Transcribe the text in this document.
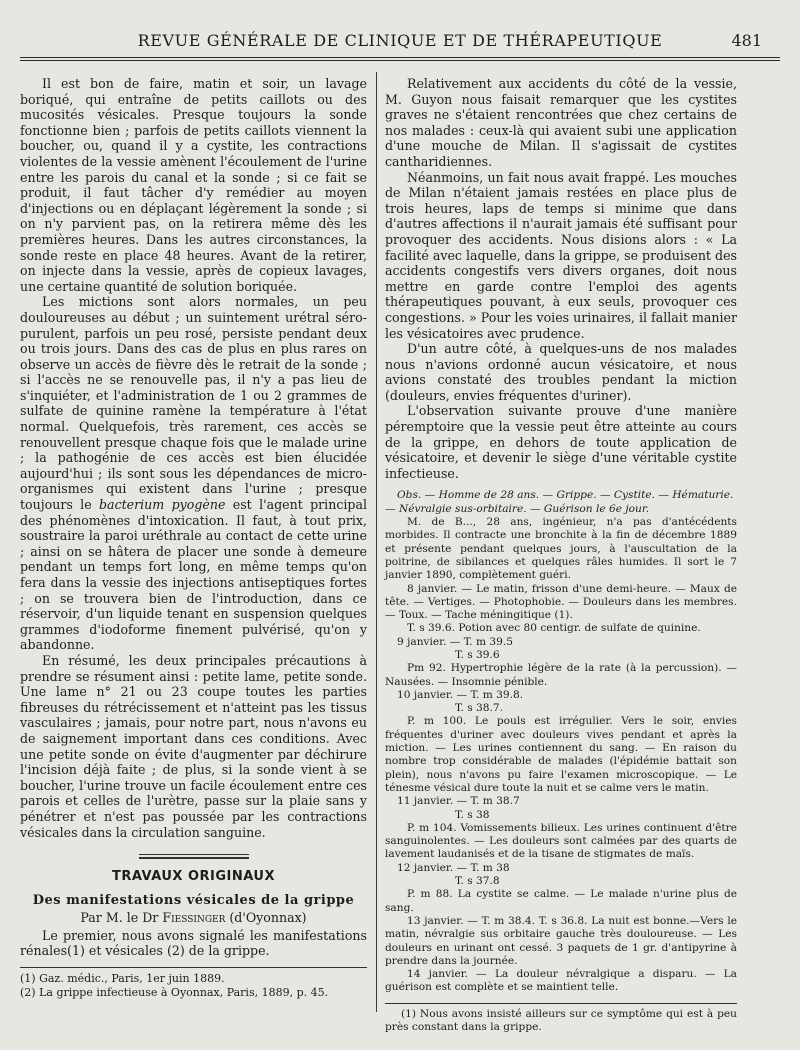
REVUE GÉNÉRALE DE CLINIQUE ET DE THÉRAPEUTIQUE	481

Il est bon de faire, matin et soir, un lavage boriqué, qui entraîne de petits caillots ou des mucosités vésicales. Presque toujours la sonde fonctionne bien ; parfois de petits caillots viennent la boucher, ou, quand il y a cystite, les contractions violentes de la vessie amènent l'écoulement de l'urine entre les parois du canal et la sonde ; si ce fait se produit, il faut tâcher d'y remédier au moyen d'injections ou en déplaçant légèrement la sonde ; si on n'y parvient pas, on la retirera même dès les premières heures. Dans les autres circonstances, la sonde reste en place 48 heures. Avant de la retirer, on injecte dans la vessie, après de copieux lavages, une certaine quantité de solution boriquée.

Les mictions sont alors normales, un peu douloureuses au début ; un suintement urétral séro-purulent, parfois un peu rosé, persiste pendant deux ou trois jours. Dans des cas de plus en plus rares on observe un accès de fièvre dès le retrait de la sonde ; si l'accès ne se renouvelle pas, il n'y a pas lieu de s'inquiéter, et l'administration de 1 ou 2 grammes de sulfate de quinine ramène la température à l'état normal. Quelquefois, très rarement, ces accès se renouvellent presque chaque fois que le malade urine ; la pathogénie de ces accès est bien élucidée aujourd'hui ; ils sont sous les dépendances de micro-organismes qui existent dans l'urine ; presque toujours le bacterium pyogène est l'agent principal des phénomènes d'intoxication. Il faut, à tout prix, soustraire la paroi uréthrale au contact de cette urine ; ainsi on se hâtera de placer une sonde à demeure pendant un temps fort long, en même temps qu'on fera dans la vessie des injections antiseptiques fortes ; on se trouvera bien de l'introduction, dans ce réservoir, d'un liquide tenant en suspension quelques grammes d'iodoforme finement pulvérisé, qu'on y abandonne.

En résumé, les deux principales précautions à prendre se résument ainsi : petite lame, petite sonde. Une lame n° 21 ou 23 coupe toutes les parties fibreuses du rétrécissement et n'atteint pas les tissus vasculaires ; jamais, pour notre part, nous n'avons eu de saignement important dans ces conditions. Avec une petite sonde on évite d'augmenter par déchirure l'incision déjà faite ; de plus, si la sonde vient à se boucher, l'urine trouve un facile écoulement entre ces parois et celles de l'urètre, passe sur la plaie sans y pénétrer et n'est pas poussée par les contractions vésicales dans la circulation sanguine.

TRAVAUX ORIGINAUX
Des manifestations vésicales de la grippe
Par M. le Dr Fiessinger (d'Oyonnax)

Le premier, nous avons signalé les manifestations rénales(1) et vésicales (2) de la grippe.

(1) Gaz. médic., Paris, 1er juin 1889.
(2) La grippe infectieuse à Oyonnax, Paris, 1889, p. 45.

Relativement aux accidents du côté de la vessie, M. Guyon nous faisait remarquer que les cystites graves ne s'étaient rencontrées que chez certains de nos malades : ceux-là qui avaient subi une application d'une mouche de Milan. Il s'agissait de cystites cantharidiennes.

Néanmoins, un fait nous avait frappé. Les mouches de Milan n'étaient jamais restées en place plus de trois heures, laps de temps si minime que dans d'autres affections il n'aurait jamais été suffisant pour provoquer des accidents. Nous disions alors : « La facilité avec laquelle, dans la grippe, se produisent des accidents congestifs vers divers organes, doit nous mettre en garde contre l'emploi des agents thérapeutiques pouvant, à eux seuls, provoquer ces congestions. » Pour les voies urinaires, il fallait manier les vésicatoires avec prudence.

D'un autre côté, à quelques-uns de nos malades nous n'avions ordonné aucun vésicatoire, et nous avions constaté des troubles pendant la miction (douleurs, envies fréquentes d'uriner).

L'observation suivante prouve d'une manière péremptoire que la vessie peut être atteinte au cours de la grippe, en dehors de toute application de vésicatoire, et devenir le siège d'une véritable cystite infectieuse.

Obs. — Homme de 28 ans. — Grippe. — Cystite. — Hématurie. — Névralgie sus-orbitaire. — Guérison le 6e jour.

M. de B..., 28 ans, ingénieur, n'a pas d'antécédents morbides. Il contracte une bronchite à la fin de décembre 1889 et présente pendant quelques jours, à l'auscultation de la poitrine, de sibilances et quelques râles humides. Il sort le 7 janvier 1890, complètement guéri.

8 janvier. — Le matin, frisson d'une demi-heure. — Maux de tête. — Vertiges. — Photophobie. — Douleurs dans les membres. — Toux. — Tache méningitique (1).

T. s 39.6. Potion avec 80 centigr. de sulfate de quinine.

9 janvier. — T. m 39.5
T. s 39.6

Pm 92. Hypertrophie légère de la rate (à la percussion). — Nausées. — Insomnie pénible.

10 janvier. — T. m 39.8.
T. s 38.7.

P. m 100. Le pouls est irrégulier. Vers le soir, envies fréquentes d'uriner avec douleurs vives pendant et après la miction. — Les urines contiennent du sang. — En raison du nombre trop considérable de malades (l'épidémie battait son plein), nous n'avons pu faire l'examen microscopique. — Le ténesme vésical dure toute la nuit et se calme vers le matin.

11 janvier. — T. m 38.7
T. s 38

P. m 104. Vomissements bilieux. Les urines continuent d'être sanguinolentes. — Les douleurs sont calmées par des quarts de lavement laudanisés et de la tisane de stigmates de maïs.

12 janvier. — T. m 38
T. s 37.8

P. m 88. La cystite se calme. — Le malade n'urine plus de sang.

13 janvier. — T. m 38.4. T. s 36.8. La nuit est bonne.—Vers le matin, névralgie sus orbitaire gauche très douloureuse. — Les douleurs en urinant ont cessé. 3 paquets de 1 gr. d'antipyrine à prendre dans la journée.

14 janvier. — La douleur névralgique a disparu. — La guérison est complète et se maintient telle.

(1) Nous avons insisté ailleurs sur ce symptôme qui est à peu près constant dans la grippe.
